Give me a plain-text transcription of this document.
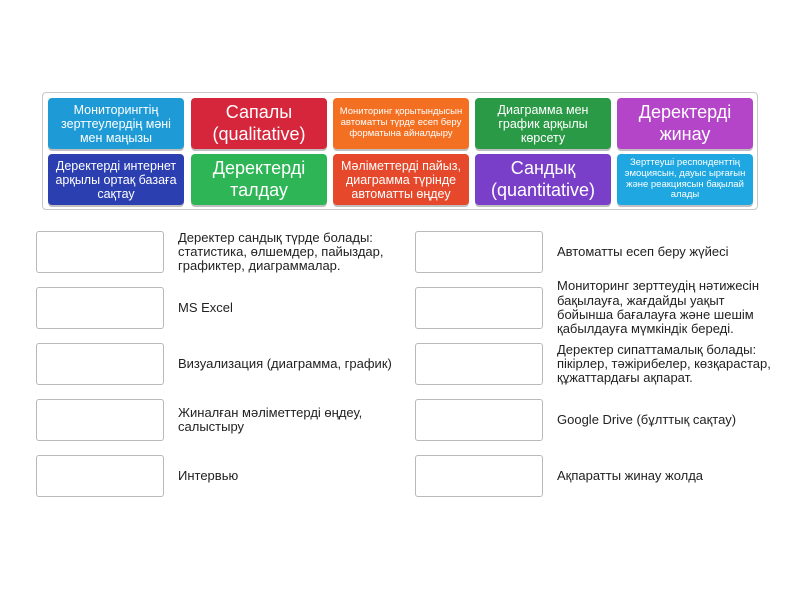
Мониторингтің зерттеулердің мәні мен маңызы
Сапалы (qualitative)
Мониторинг қорытындысын автоматты түрде есеп беру форматына айналдыру
Диаграмма мен график арқылы көрсету
Деректерді жинау
Деректерді интернет арқылы ортақ базаға сақтау
Деректерді талдау
Мәліметтерді пайыз, диаграмма түрінде автоматты өңдеу
Сандық (quantitative)
Зерттеуші респонденттің эмоциясын, дауыс ырғағын және реакциясын бақылай алады
Деректер сандық түрде болады: статистика, өлшемдер, пайыздар, графиктер, диаграммалар.
MS Excel
Визуализация (диаграмма, график)
Жиналған мәліметтерді өңдеу, салыстыру
Интервью
Автоматты есеп беру жүйесі
Мониторинг зерттеудің нәтижесін бақылауға, жағдайды уақыт бойынша бағалауға және шешім қабылдауға мүмкіндік береді.
Деректер сипаттамалық болады: пікірлер, тәжірибелер, көзқарастар, құжаттардағы ақпарат.
Google Drive (бұлттық сақтау)
Ақпаратты жинау жолда
